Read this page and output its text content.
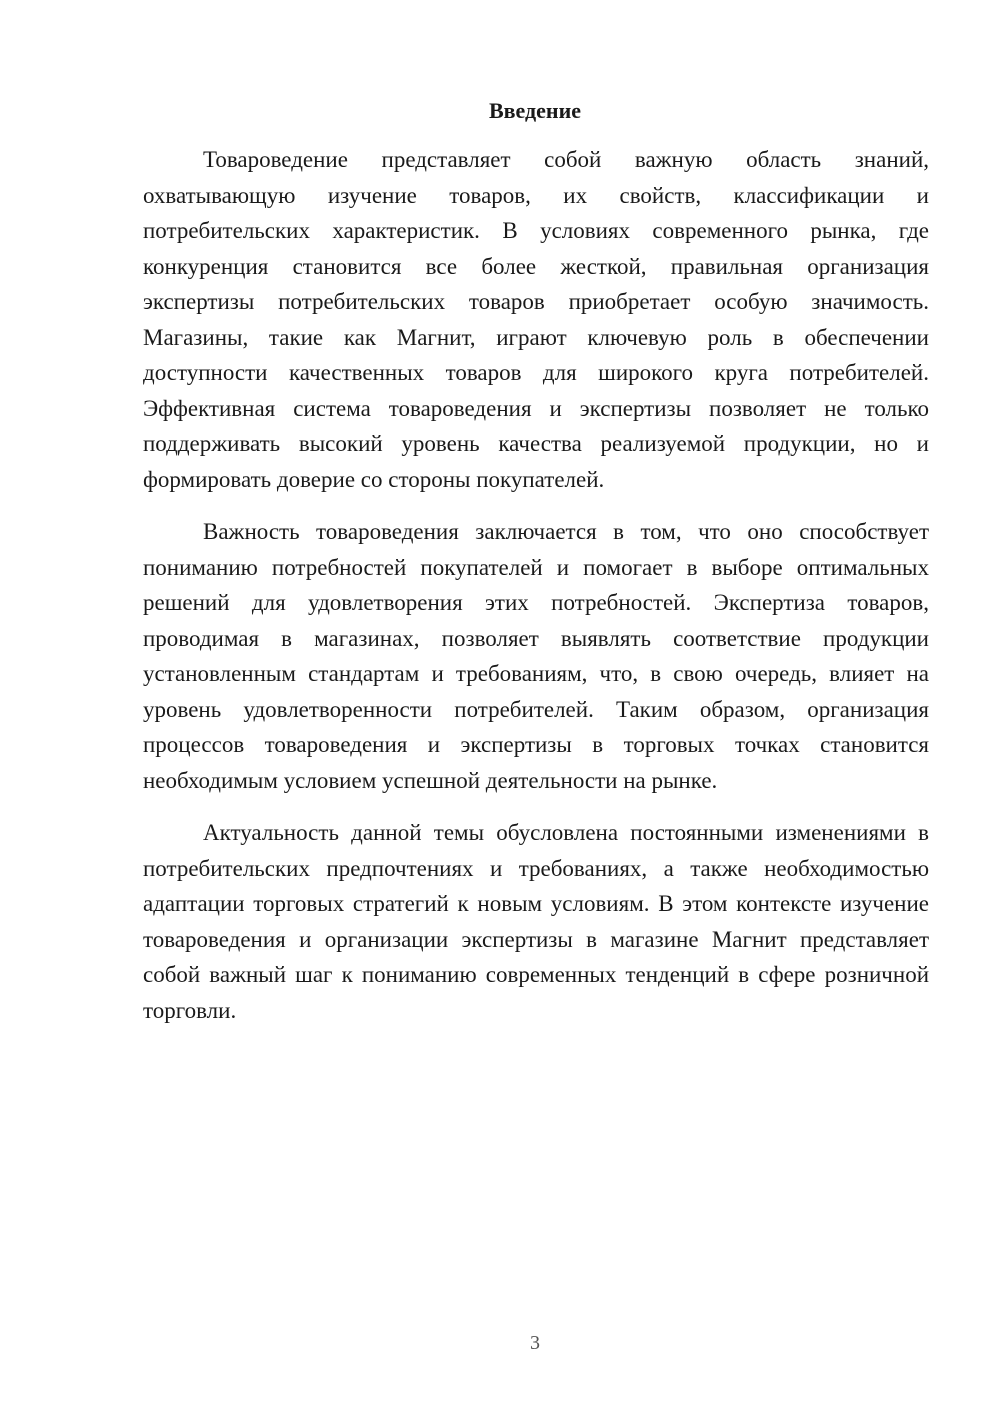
Введение

Товароведение представляет собой важную область знаний, охватывающую изучение товаров, их свойств, классификации и потребительских характеристик. В условиях современного рынка, где конкуренция становится все более жесткой, правильная организация экспертизы потребительских товаров приобретает особую значимость. Магазины, такие как Магнит, играют ключевую роль в обеспечении доступности качественных товаров для широкого круга потребителей. Эффективная система товароведения и экспертизы позволяет не только поддерживать высокий уровень качества реализуемой продукции, но и формировать доверие со стороны покупателей.

Важность товароведения заключается в том, что оно способствует пониманию потребностей покупателей и помогает в выборе оптимальных решений для удовлетворения этих потребностей. Экспертиза товаров, проводимая в магазинах, позволяет выявлять соответствие продукции установленным стандартам и требованиям, что, в свою очередь, влияет на уровень удовлетворенности потребителей. Таким образом, организация процессов товароведения и экспертизы в торговых точках становится необходимым условием успешной деятельности на рынке.

Актуальность данной темы обусловлена постоянными изменениями в потребительских предпочтениях и требованиях, а также необходимостью адаптации торговых стратегий к новым условиям. В этом контексте изучение товароведения и организации экспертизы в магазине Магнит представляет собой важный шаг к пониманию современных тенденций в сфере розничной торговли.

3
